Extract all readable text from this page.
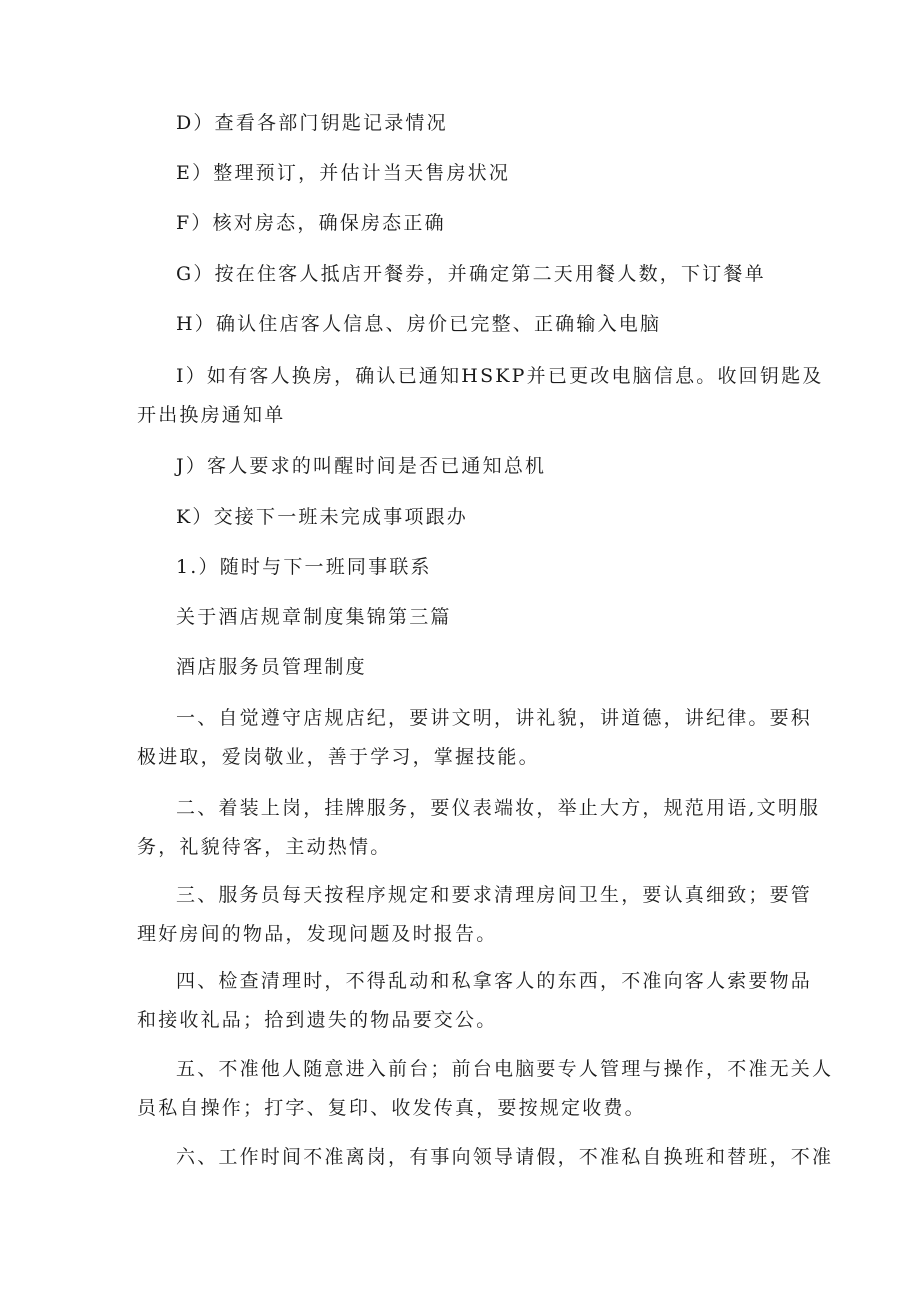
D）查看各部门钥匙记录情况
E）整理预订，并估计当天售房状况
F）核对房态，确保房态正确
G）按在住客人抵店开餐券，并确定第二天用餐人数，下订餐单
H）确认住店客人信息、房价已完整、正确输入电脑
I）如有客人换房，确认已通知HSKP并已更改电脑信息。收回钥匙及
开出换房通知单
J）客人要求的叫醒时间是否已通知总机
K）交接下一班未完成事项跟办
1.）随时与下一班同事联系
关于酒店规章制度集锦第三篇
酒店服务员管理制度
一、自觉遵守店规店纪，要讲文明，讲礼貌，讲道德，讲纪律。要积
极进取，爱岗敬业，善于学习，掌握技能。
二、着装上岗，挂牌服务，要仪表端妆，举止大方，规范用语,文明服
务，礼貌待客，主动热情。
三、服务员每天按程序规定和要求清理房间卫生，要认真细致；要管
理好房间的物品，发现问题及时报告。
四、检查清理时，不得乱动和私拿客人的东西，不准向客人索要物品
和接收礼品；拾到遗失的物品要交公。
五、不准他人随意进入前台；前台电脑要专人管理与操作，不准无关人
员私自操作；打字、复印、收发传真，要按规定收费。
六、工作时间不准离岗，有事向领导请假，不准私自换班和替班，不准
